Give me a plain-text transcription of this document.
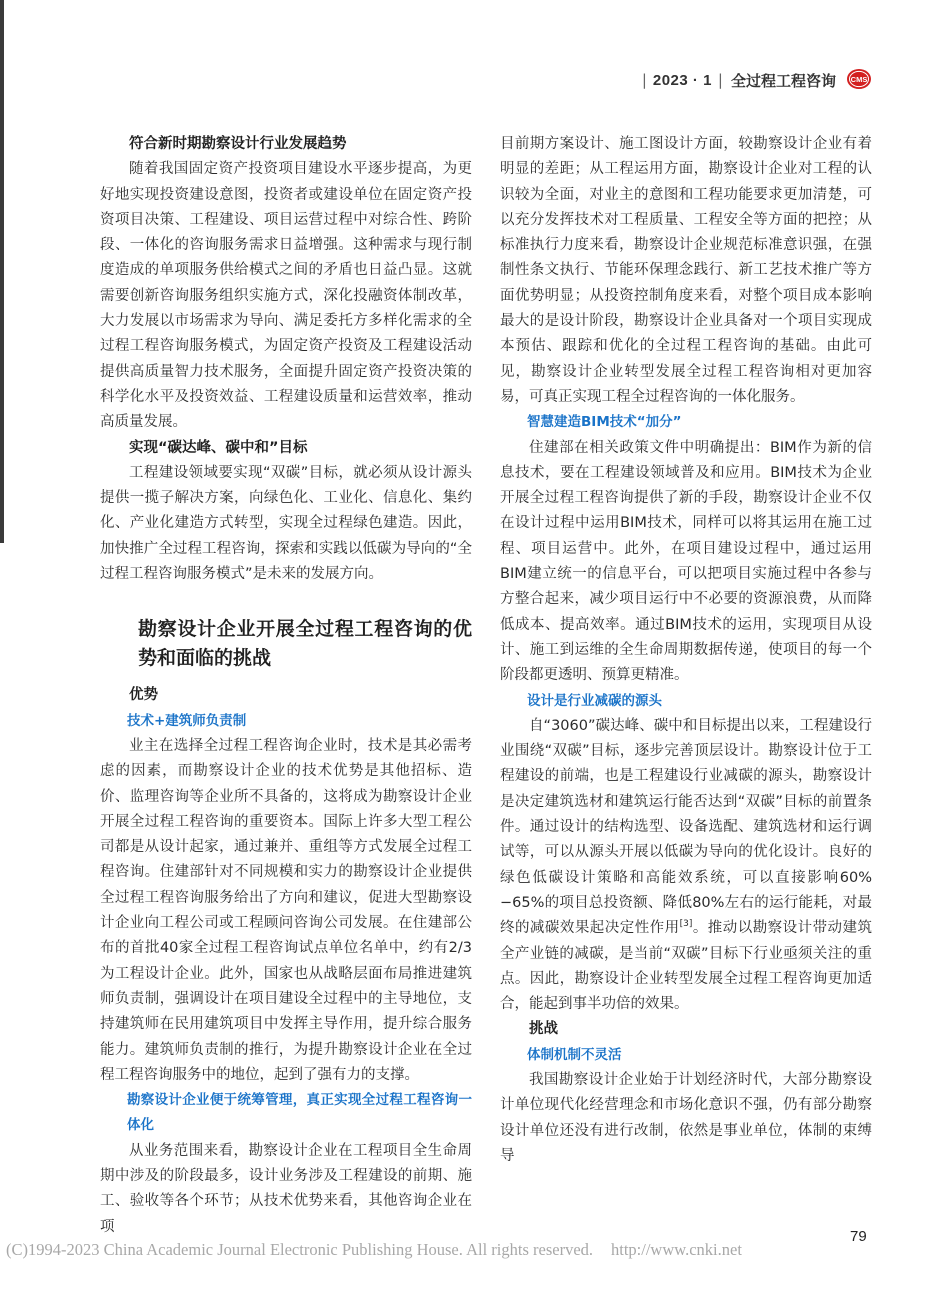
| 2023 · 1 | 全过程工程咨询 CMS
符合新时期勘察设计行业发展趋势

随着我国固定资产投资项目建设水平逐步提高，为更好地实现投资建设意图，投资者或建设单位在固定资产投资项目决策、工程建设、项目运营过程中对综合性、跨阶段、一体化的咨询服务需求日益增强。这种需求与现行制度造成的单项服务供给模式之间的矛盾也日益凸显。这就需要创新咨询服务组织实施方式，深化投融资体制改革，大力发展以市场需求为导向、满足委托方多样化需求的全过程工程咨询服务模式，为固定资产投资及工程建设活动提供高质量智力技术服务，全面提升固定资产投资决策的科学化水平及投资效益、工程建设质量和运营效率，推动高质量发展。

实现“碳达峰、碳中和”目标

工程建设领域要实现“双碳”目标，就必须从设计源头提供一揽子解决方案，向绿色化、工业化、信息化、集约化、产业化建造方式转型，实现全过程绿色建造。因此，加快推广全过程工程咨询，探索和实践以低碳为导向的“全过程工程咨询服务模式”是未来的发展方向。

勘察设计企业开展全过程工程咨询的优势和面临的挑战
优势
技术+建筑师负责制

业主在选择全过程工程咨询企业时，技术是其必需考虑的因素，而勘察设计企业的技术优势是其他招标、造价、监理咨询等企业所不具备的，这将成为勘察设计企业开展全过程工程咨询的重要资本。国际上许多大型工程公司都是从设计起家，通过兼并、重组等方式发展全过程工程咨询。住建部针对不同规模和实力的勘察设计企业提供全过程工程咨询服务给出了方向和建议，促进大型勘察设计企业向工程公司或工程顾问咨询公司发展。在住建部公布的首批40家全过程工程咨询试点单位名单中，约有2/3为工程设计企业。此外，国家也从战略层面布局推进建筑师负责制，强调设计在项目建设全过程中的主导地位，支持建筑师在民用建筑项目中发挥主导作用，提升综合服务能力。建筑师负责制的推行，为提升勘察设计企业在全过程工程咨询服务中的地位，起到了强有力的支撑。

勘察设计企业便于统筹管理，真正实现全过程工程咨询一体化

从业务范围来看，勘察设计企业在工程项目全生命周期中涉及的阶段最多，设计业务涉及工程建设的前期、施工、验收等各个环节；从技术优势来看，其他咨询企业在项

目前期方案设计、施工图设计方面，较勘察设计企业有着明显的差距；从工程运用方面，勘察设计企业对工程的认识较为全面，对业主的意图和工程功能要求更加清楚，可以充分发挥技术对工程质量、工程安全等方面的把控；从标准执行力度来看，勘察设计企业规范标准意识强，在强制性条文执行、节能环保理念践行、新工艺技术推广等方面优势明显；从投资控制角度来看，对整个项目成本影响最大的是设计阶段，勘察设计企业具备对一个项目实现成本预估、跟踪和优化的全过程工程咨询的基础。由此可见，勘察设计企业转型发展全过程工程咨询相对更加容易，可真正实现工程全过程咨询的一体化服务。

智慧建造BIM技术“加分”

住建部在相关政策文件中明确提出：BIM作为新的信息技术，要在工程建设领域普及和应用。BIM技术为企业开展全过程工程咨询提供了新的手段，勘察设计企业不仅在设计过程中运用BIM技术，同样可以将其运用在施工过程、项目运营中。此外，在项目建设过程中，通过运用BIM建立统一的信息平台，可以把项目实施过程中各参与方整合起来，减少项目运行中不必要的资源浪费，从而降低成本、提高效率。通过BIM技术的运用，实现项目从设计、施工到运维的全生命周期数据传递，使项目的每一个阶段都更透明、预算更精准。

设计是行业减碳的源头

自“3060”碳达峰、碳中和目标提出以来，工程建设行业围绕“双碳”目标，逐步完善顶层设计。勘察设计位于工程建设的前端，也是工程建设行业减碳的源头，勘察设计是决定建筑选材和建筑运行能否达到“双碳”目标的前置条件。通过设计的结构选型、设备选配、建筑选材和运行调试等，可以从源头开展以低碳为导向的优化设计。良好的绿色低碳设计策略和高能效系统，可以直接影响60%−65%的项目总投资额、降低80%左右的运行能耗，对最终的减碳效果起决定性作用[3]。推动以勘察设计带动建筑全产业链的减碳，是当前“双碳”目标下行业亟须关注的重点。因此，勘察设计企业转型发展全过程工程咨询更加适合，能起到事半功倍的效果。

挑战
体制机制不灵活

我国勘察设计企业始于计划经济时代，大部分勘察设计单位现代化经营理念和市场化意识不强，仍有部分勘察设计单位还没有进行改制，依然是事业单位，体制的束缚导

79
(C)1994-2023 China Academic Journal Electronic Publishing House. All rights reserved. http://www.cnki.net
